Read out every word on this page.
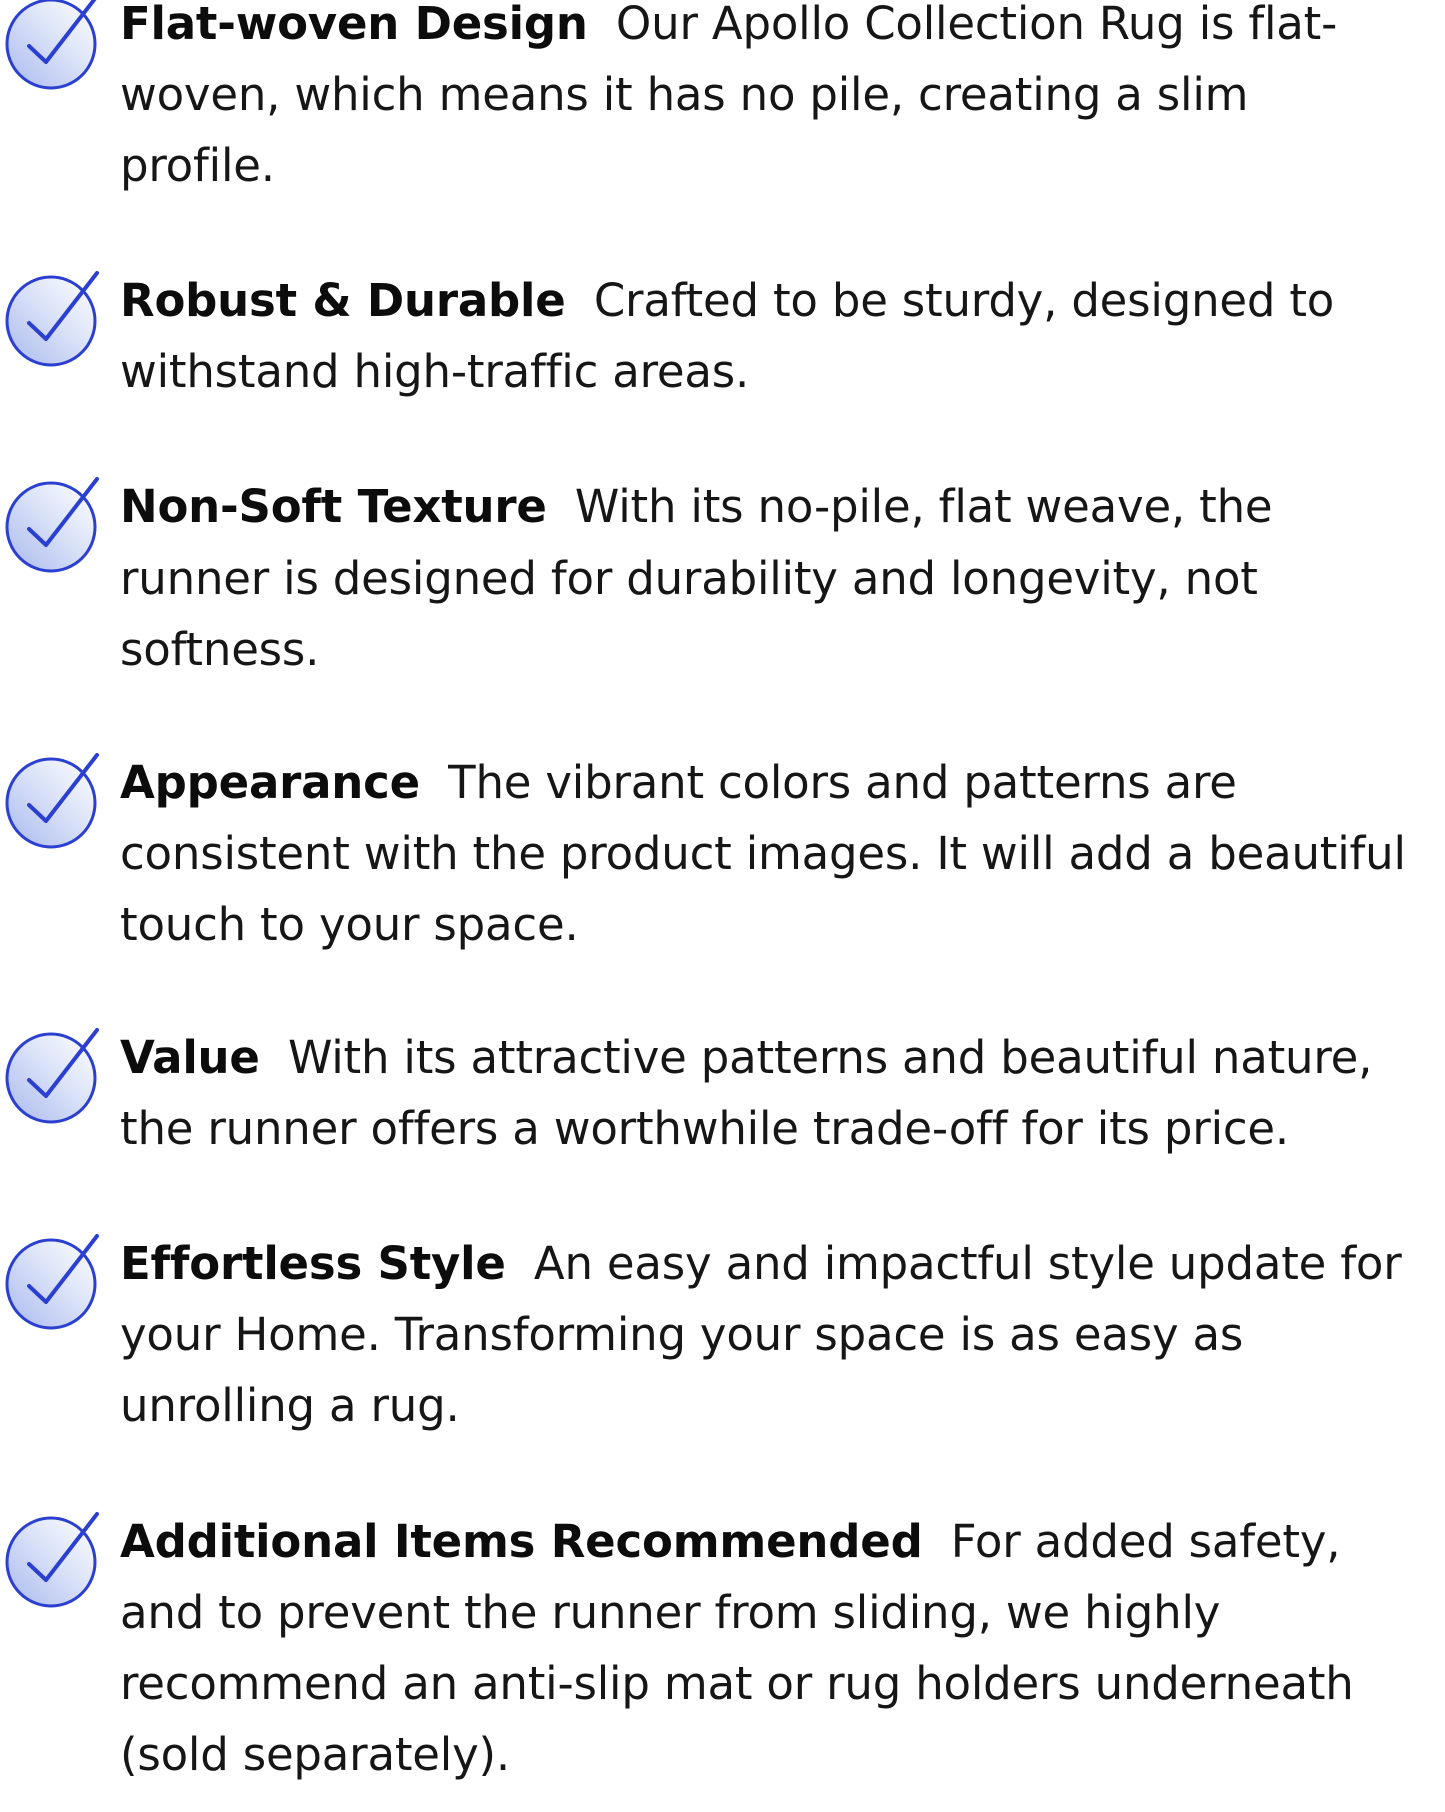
Flat-woven Design Our Apollo Collection Rug is flat-woven, which means it has no pile, creating a slim profile.
Robust & Durable Crafted to be sturdy, designed to withstand high-traffic areas.
Non-Soft Texture With its no-pile, flat weave, the runner is designed for durability and longevity, not softness.
Appearance The vibrant colors and patterns are consistent with the product images. It will add a beautiful touch to your space.
Value With its attractive patterns and beautiful nature, the runner offers a worthwhile trade-off for its price.
Effortless Style An easy and impactful style update for your Home. Transforming your space is as easy as unrolling a rug.
Additional Items Recommended For added safety, and to prevent the runner from sliding, we highly recommend an anti-slip mat or rug holders underneath (sold separately).
